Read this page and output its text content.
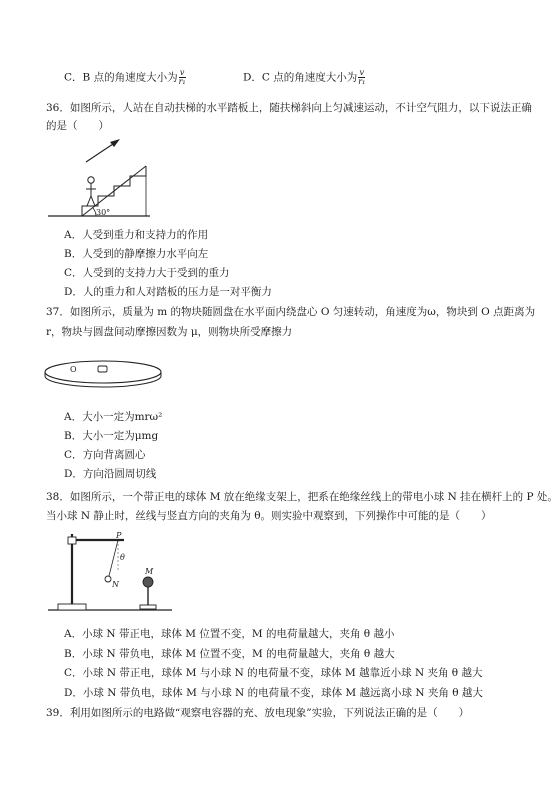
C．B 点的角速度大小为 $\frac{v}{\text{r₁}}$	D．C 点的角速度大小为 $\frac{v}{\text{r₁}}$
36．如图所示，人站在自动扶梯的水平踏板上，随扶梯斜向上匀减速运动，不计空气阻力，以下说法正确
的是（　　）
30°
A．人受到重力和支持力的作用
B．人受到的静摩擦力水平向左
C．人受到的支持力大于受到的重力
D．人的重力和人对踏板的压力是一对平衡力
37．如图所示，质量为 m 的物块随圆盘在水平面内绕盘心 O 匀速转动，角速度为ω，物块到 O 点距离为
r，物块与圆盘间动摩擦因数为 μ，则物块所受摩擦力
O
A．大小一定为mrω²
B．大小一定为μmg
C．方向背离圆心
D．方向沿圆周切线
38．如图所示，一个带正电的球体 M 放在绝缘支架上，把系在绝缘丝线上的带电小球 N 挂在横杆上的 P 处。
当小球 N 静止时，丝线与竖直方向的夹角为 θ。则实验中观察到，下列操作中可能的是（　　）
P
θ
N
M
A．小球 N 带正电，球体 M 位置不变，M 的电荷量越大，夹角 θ 越小
B．小球 N 带负电，球体 M 位置不变，M 的电荷量越大，夹角 θ 越大
C．小球 N 带正电，球体 M 与小球 N 的电荷量不变，球体 M 越靠近小球 N 夹角 θ 越大
D．小球 N 带负电，球体 M 与小球 N 的电荷量不变，球体 M 越远离小球 N 夹角 θ 越大
39．利用如图所示的电路做“观察电容器的充、放电现象”实验，下列说法正确的是（　　）
